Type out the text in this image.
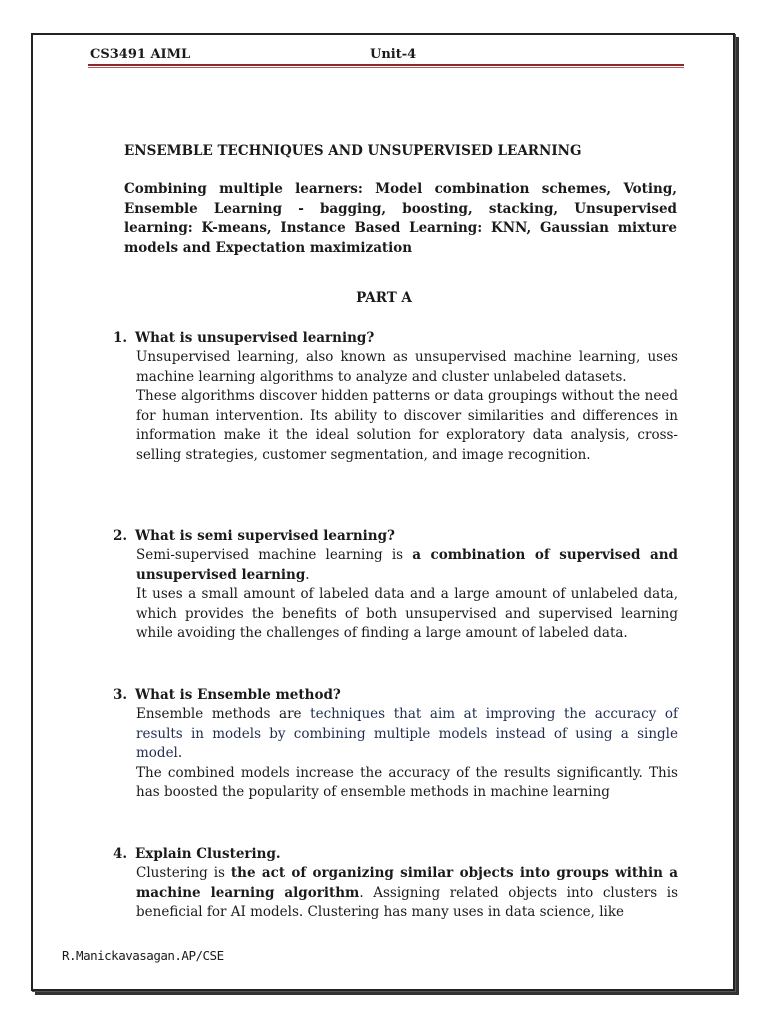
CS3491 AIML	Unit-4
ENSEMBLE TECHNIQUES AND UNSUPERVISED LEARNING
Combining multiple learners: Model combination schemes, Voting, Ensemble Learning - bagging, boosting, stacking, Unsupervised learning: K-means, Instance Based Learning: KNN, Gaussian mixture models and Expectation maximization
PART A
1. What is unsupervised learning?

Unsupervised learning, also known as unsupervised machine learning, uses machine learning algorithms to analyze and cluster unlabeled datasets.

These algorithms discover hidden patterns or data groupings without the need for human intervention. Its ability to discover similarities and differences in information make it the ideal solution for exploratory data analysis, cross-selling strategies, customer segmentation, and image recognition.

2. What is semi supervised learning?

Semi-supervised machine learning is a combination of supervised and unsupervised learning.

It uses a small amount of labeled data and a large amount of unlabeled data, which provides the benefits of both unsupervised and supervised learning while avoiding the challenges of finding a large amount of labeled data.

3. What is Ensemble method?

Ensemble methods are techniques that aim at improving the accuracy of results in models by combining multiple models instead of using a single model.

The combined models increase the accuracy of the results significantly. This has boosted the popularity of ensemble methods in machine learning

4. Explain Clustering.

Clustering is the act of organizing similar objects into groups within a machine learning algorithm. Assigning related objects into clusters is beneficial for AI models. Clustering has many uses in data science, like

R.Manickavasagan.AP/CSE
